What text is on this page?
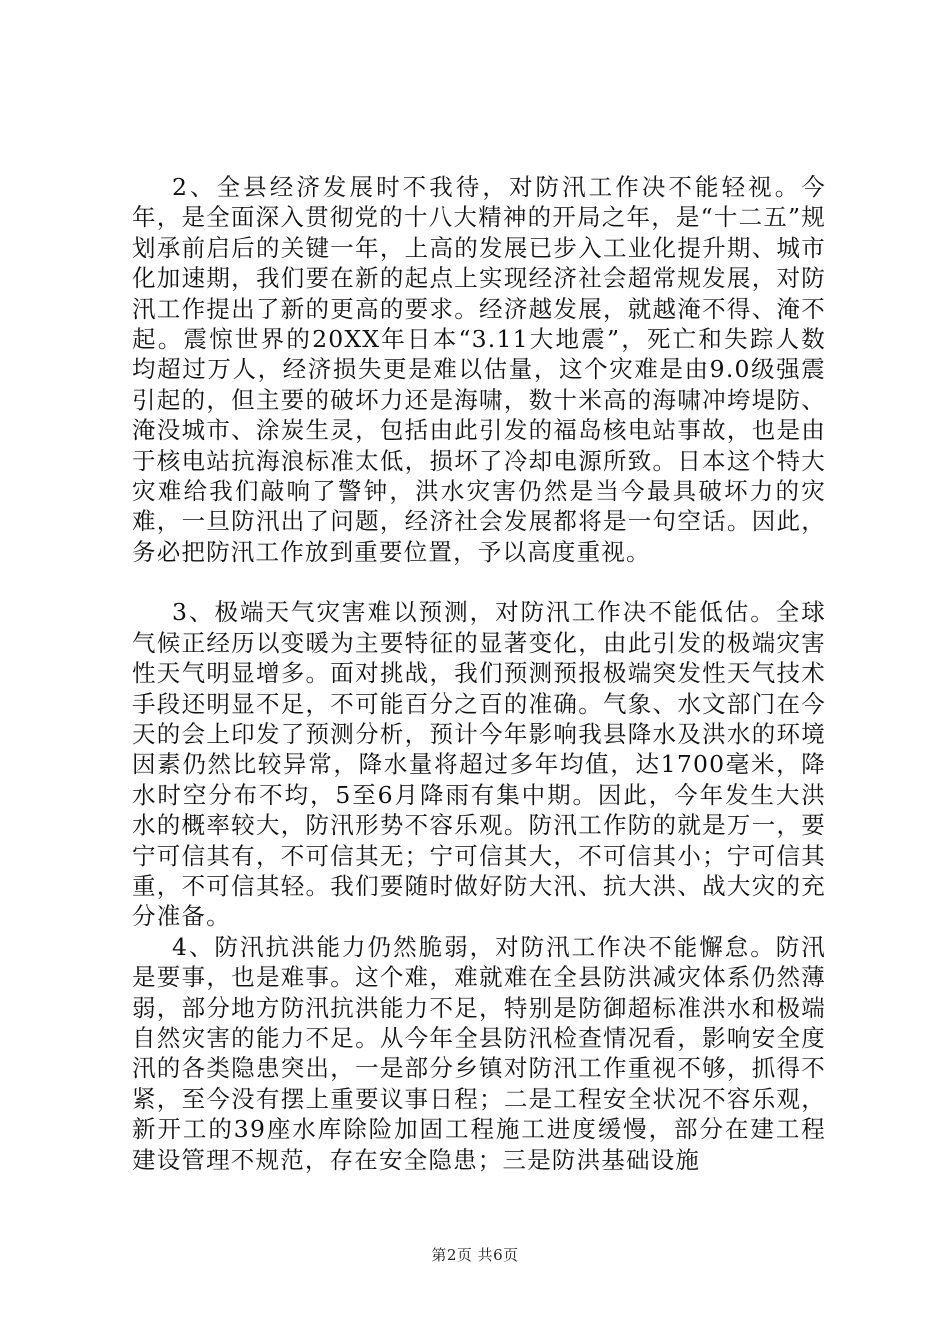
2、全县经济发展时不我待，对防汛工作决不能轻视。今年，是全面深入贯彻党的十八大精神的开局之年，是“十二五”规划承前启后的关键一年，上高的发展已步入工业化提升期、城市化加速期，我们要在新的起点上实现经济社会超常规发展，对防汛工作提出了新的更高的要求。经济越发展，就越淹不得、淹不起。震惊世界的20XX年日本“3.11大地震”，死亡和失踪人数均超过万人，经济损失更是难以估量，这个灾难是由9.0级强震引起的，但主要的破坏力还是海啸，数十米高的海啸冲垮堤防、淹没城市、涂炭生灵，包括由此引发的福岛核电站事故，也是由于核电站抗海浪标准太低，损坏了冷却电源所致。日本这个特大灾难给我们敲响了警钟，洪水灾害仍然是当今最具破坏力的灾难，一旦防汛出了问题，经济社会发展都将是一句空话。因此，务必把防汛工作放到重要位置，予以高度重视。

3、极端天气灾害难以预测，对防汛工作决不能低估。全球气候正经历以变暖为主要特征的显著变化，由此引发的极端灾害性天气明显增多。面对挑战，我们预测预报极端突发性天气技术手段还明显不足，不可能百分之百的准确。气象、水文部门在今天的会上印发了预测分析，预计今年影响我县降水及洪水的环境因素仍然比较异常，降水量将超过多年均值，达1700毫米，降水时空分布不均，5至6月降雨有集中期。因此，今年发生大洪水的概率较大，防汛形势不容乐观。防汛工作防的就是万一，要宁可信其有，不可信其无；宁可信其大，不可信其小；宁可信其重，不可信其轻。我们要随时做好防大汛、抗大洪、战大灾的充分准备。

4、防汛抗洪能力仍然脆弱，对防汛工作决不能懈怠。防汛是要事，也是难事。这个难，难就难在全县防洪减灾体系仍然薄弱，部分地方防汛抗洪能力不足，特别是防御超标准洪水和极端自然灾害的能力不足。从今年全县防汛检查情况看，影响安全度汛的各类隐患突出，一是部分乡镇对防汛工作重视不够，抓得不紧，至今没有摆上重要议事日程；二是工程安全状况不容乐观，新开工的39座水库除险加固工程施工进度缓慢，部分在建工程建设管理不规范，存在安全隐患；三是防洪基础设施

第2页 共6页
